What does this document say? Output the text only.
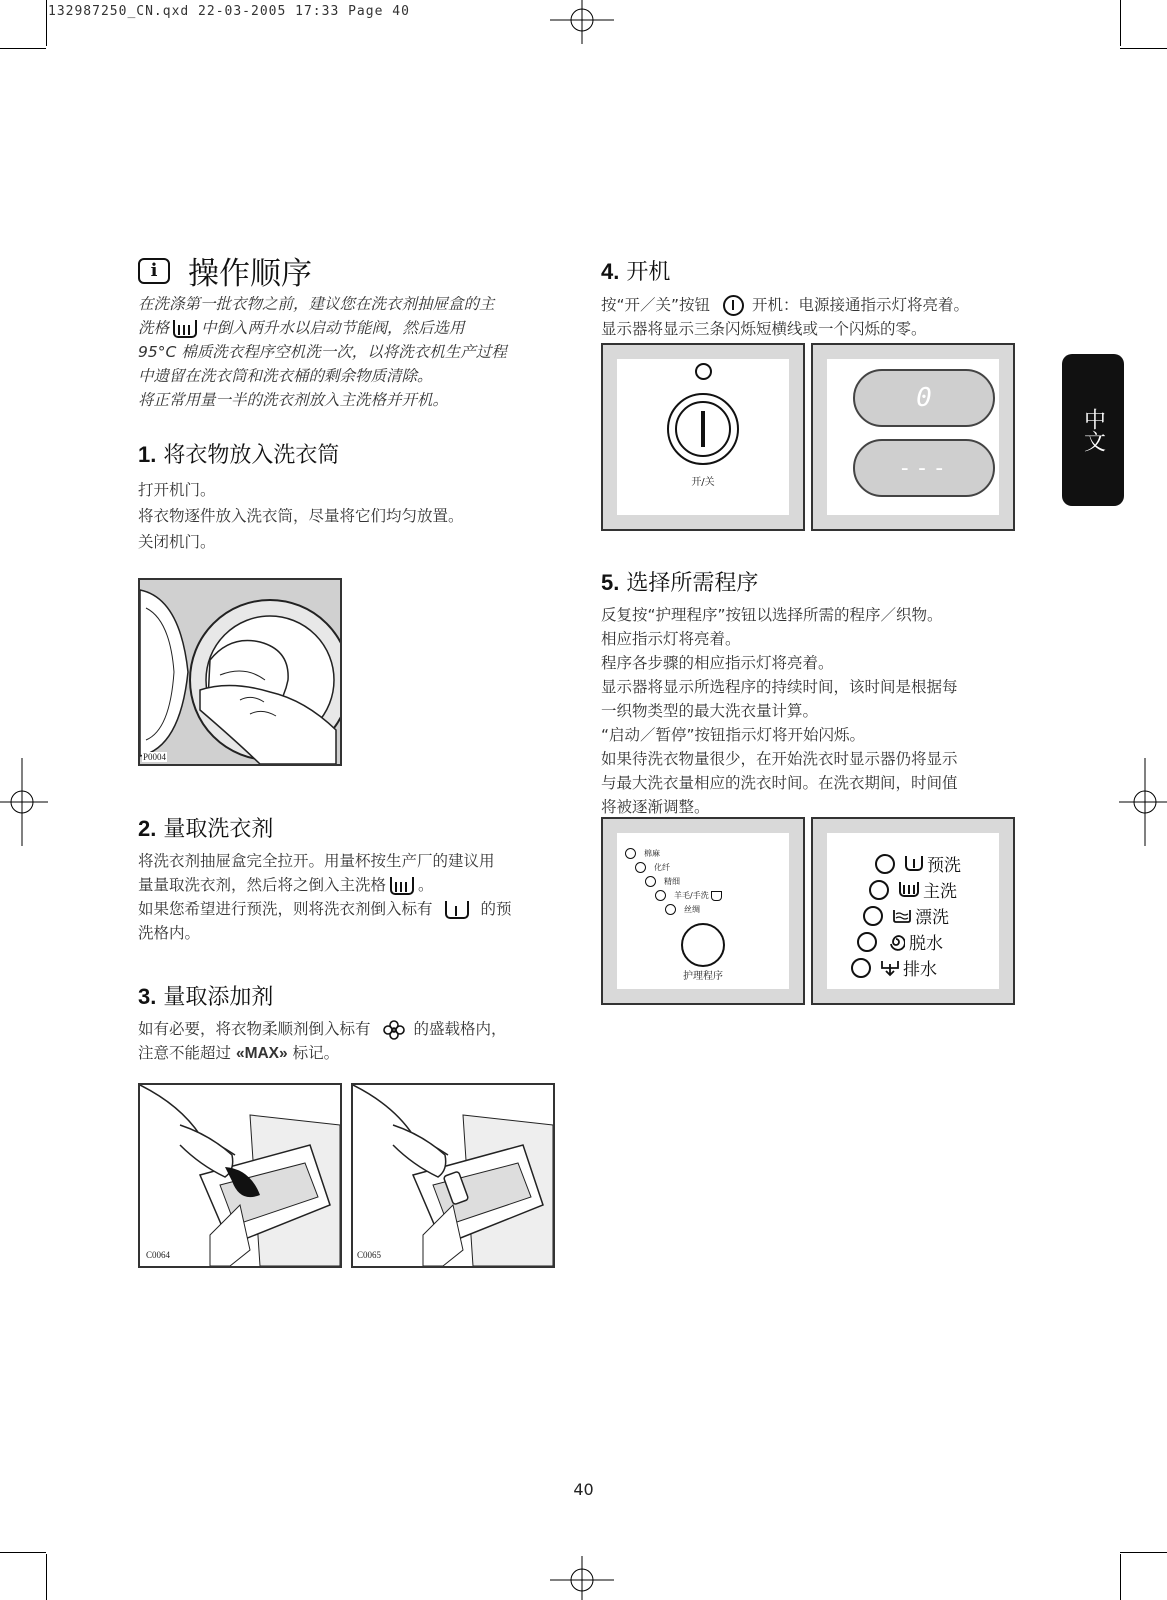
132987250_CN.qxd 22-03-2005 17:33 Page 40
i 操作顺序
在洗涤第一批衣物之前，建议您在洗衣剂抽屉盒的主
洗格 中倒入两升水以启动节能阀，然后选用
95°C 棉质洗衣程序空机洗一次，以将洗衣机生产过程
中遗留在洗衣筒和洗衣桶的剩余物质清除。
将正常用量一半的洗衣剂放入主洗格并开机。
1. 将衣物放入洗衣筒

打开机门。

将衣物逐件放入洗衣筒，尽量将它们均匀放置。

关闭机门。

P0004
2. 量取洗衣剂
将洗衣剂抽屉盒完全拉开。用量杯按生产厂的建议用
量量取洗衣剂，然后将之倒入主洗格 。
如果您希望进行预洗，则将洗衣剂倒入标有	的预
洗格内。
3. 量取添加剂
如有必要，将衣物柔顺剂倒入标有	的盛载格内，
注意不能超过 «MAX» 标记。
C0064	C0065
4. 开机
按“开／关”按钮	开机：电源接通指示灯将亮着。
显示器将显示三条闪烁短横线或一个闪烁的零。
开/关
0
---
5. 选择所需程序
反复按“护理程序”按钮以选择所需的程序／织物。
相应指示灯将亮着。
程序各步骤的相应指示灯将亮着。
显示器将显示所选程序的持续时间，该时间是根据每
一织物类型的最大洗衣量计算。
“启动／暂停”按钮指示灯将开始闪烁。
如果待洗衣物量很少，在开始洗衣时显示器仍将显示
与最大洗衣量相应的洗衣时间。在洗衣期间，时间值
将被逐渐调整。
棉麻
化纤
精细
羊毛/手洗
丝绸
护理程序
预洗
主洗
漂洗
脱水
排水
中文
40
